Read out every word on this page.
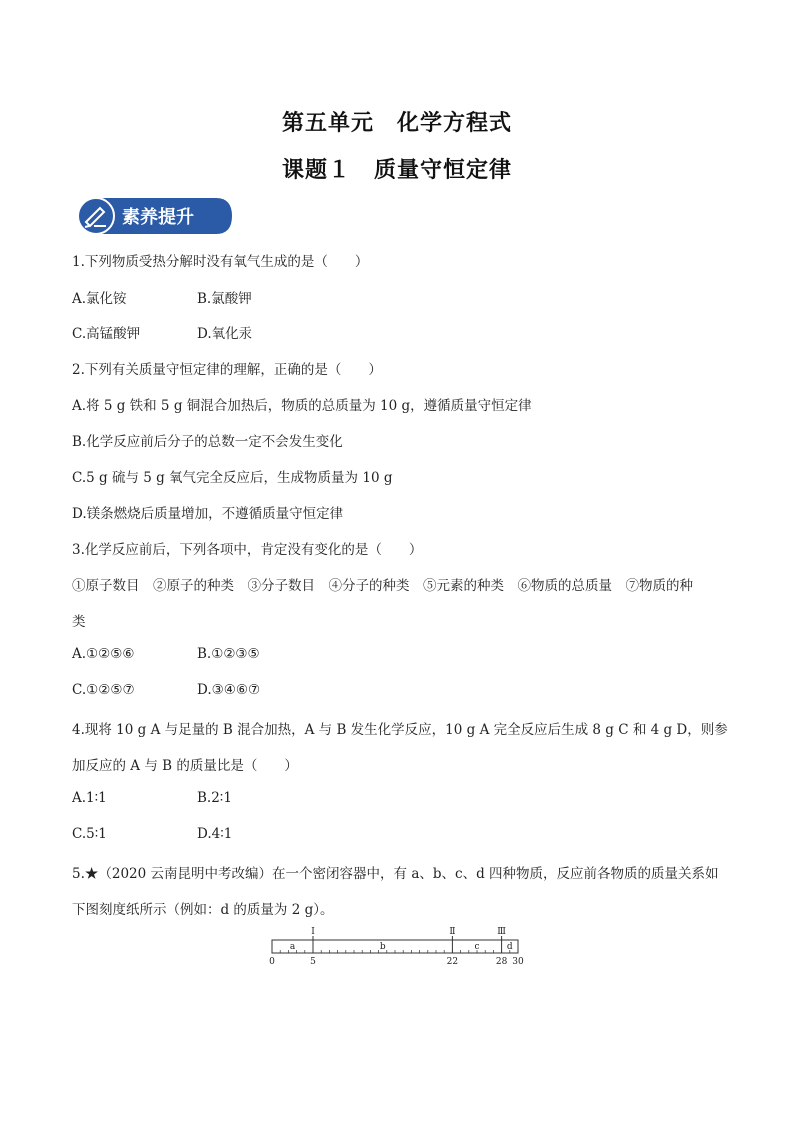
第五单元　化学方程式
课题１　质量守恒定律
素养提升
1.下列物质受热分解时没有氧气生成的是（　　）
A.氯化铵	B.氯酸钾
C.高锰酸钾	D.氧化汞
2.下列有关质量守恒定律的理解，正确的是（　　）
A.将 5 g 铁和 5 g 铜混合加热后，物质的总质量为 10 g，遵循质量守恒定律
B.化学反应前后分子的总数一定不会发生变化
C.5 g 硫与 5 g 氧气完全反应后，生成物质量为 10 g
D.镁条燃烧后质量增加，不遵循质量守恒定律
3.化学反应前后，下列各项中，肯定没有变化的是（　　）
①原子数目　②原子的种类　③分子数目　④分子的种类　⑤元素的种类　⑥物质的总质量　⑦物质的种
类
A.①②⑤⑥	B.①②③⑤
C.①②⑤⑦	D.③④⑥⑦
4.现将 10 g A 与足量的 B 混合加热，A 与 B 发生化学反应，10 g A 完全反应后生成 8 g C 和 4 g D，则参
加反应的 A 与 B 的质量比是（　　）
A.1∶1	B.2∶1
C.5∶1	D.4∶1
5.★（2020 云南昆明中考改编）在一个密闭容器中，有 a、b、c、d 四种物质，反应前各物质的质量关系如
下图刻度纸所示（例如：d 的质量为 2 g）。
Ⅰ	Ⅱ	Ⅲ
a	b	c	d
0	5	22	28 30
